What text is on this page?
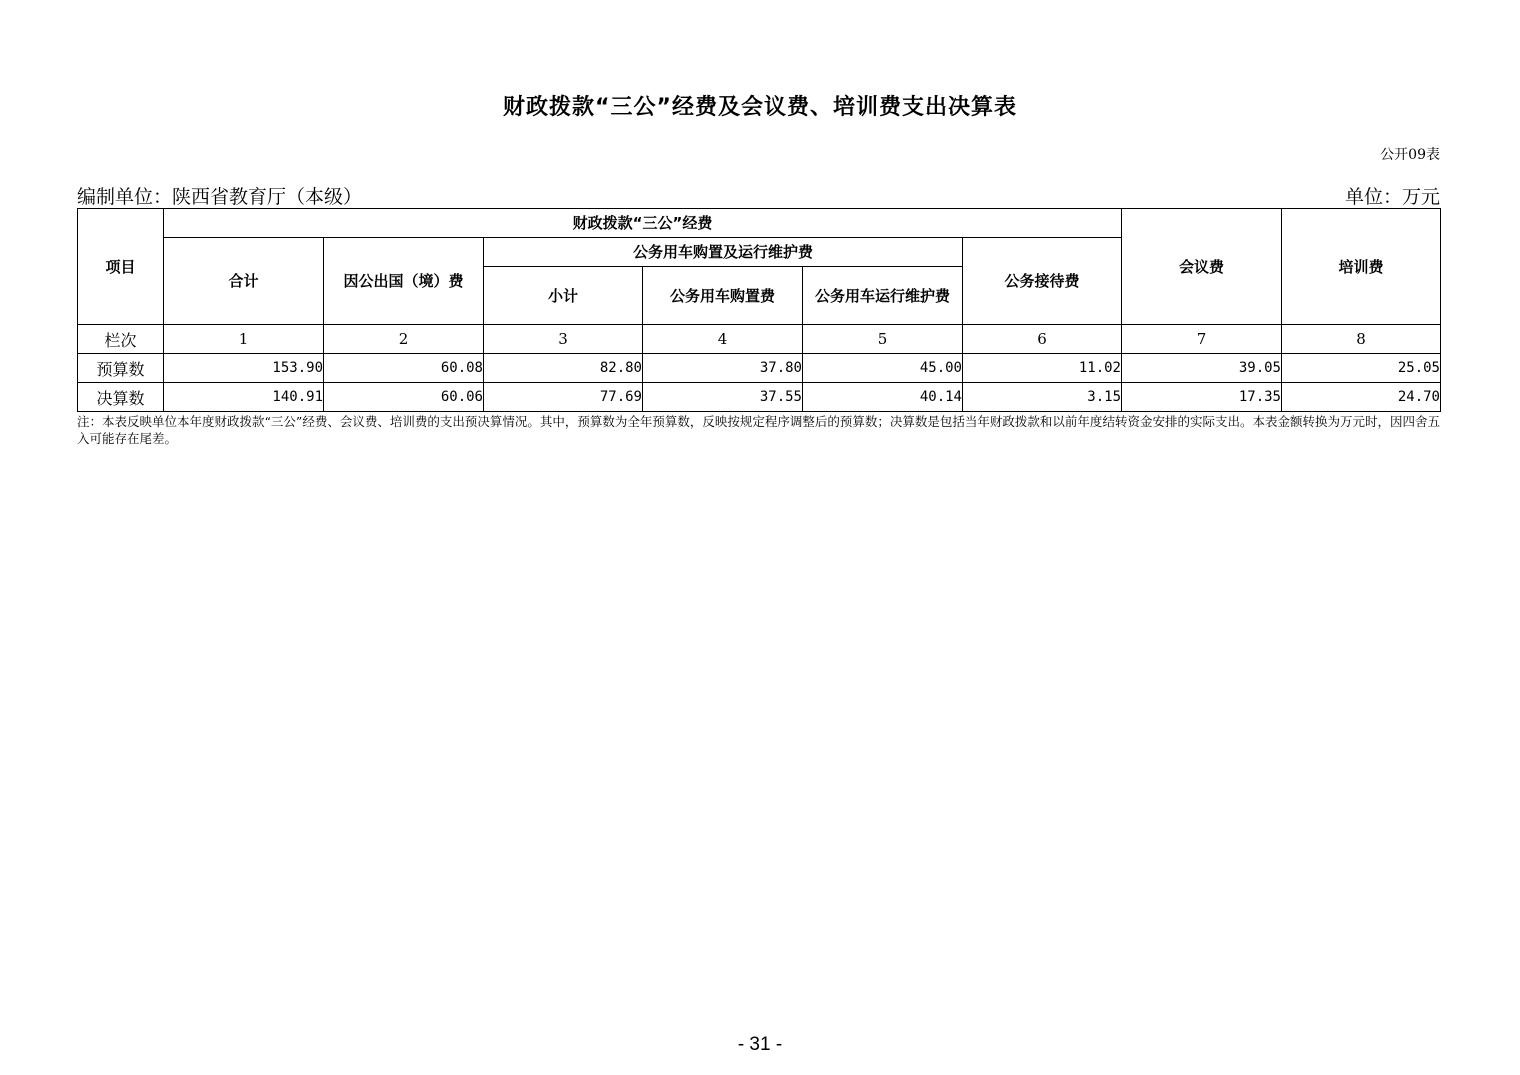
财政拨款“三公”经费及会议费、培训费支出决算表
公开09表
编制单位：陕西省教育厅（本级）	单位：万元
项目	财政拨款“三公”经费						会议费	培训费
	合计	因公出国（境）费	公务用车购置及运行维护费			公务接待费		
			小计	公务用车购置费	公务用车运行维护费			
栏次	1	2	3	4	5	6	7	8
预算数	153.90	60.08	82.80	37.80	45.00	11.02	39.05	25.05
决算数	140.91	60.06	77.69	37.55	40.14	3.15	17.35	24.70
注：本表反映单位本年度财政拨款“三公”经费、会议费、培训费的支出预决算情况。其中，预算数为全年预算数，反映按规定程序调整后的预算数；决算数是包括当年财政拨款和以前年度结转资金安排的实际支出。本表金额转换为万元时，因四舍五入可能存在尾差。
- 31 -
